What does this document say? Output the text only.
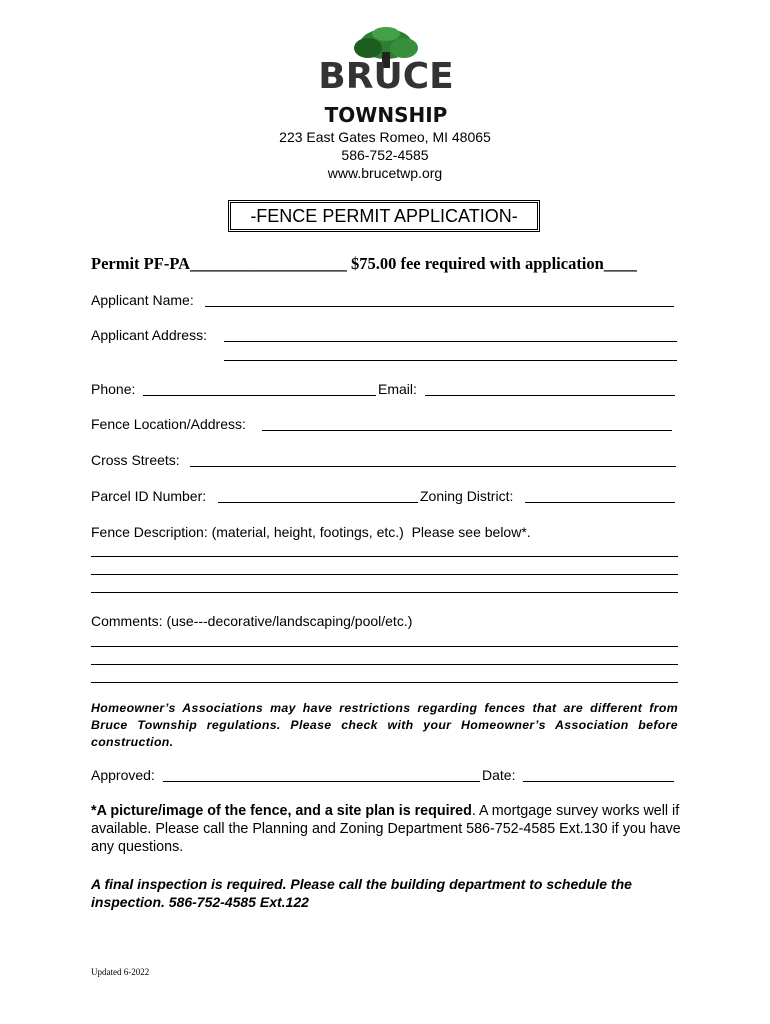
BRUCE
TOWNSHIP
223 East Gates Romeo, MI 48065
586-752-4585
www.brucetwp.org
-FENCE PERMIT APPLICATION-
Permit PF-PA___________________ $75.00 fee required with application____
Applicant Name:
Applicant Address:
Phone:	Email:
Fence Location/Address:
Cross Streets:
Parcel ID Number:	Zoning District:
Fence Description: (material, height, footings, etc.)  Please see below*.
Comments: (use---decorative/landscaping/pool/etc.)
Homeowner’s Associations may have restrictions regarding fences that are different from Bruce Township regulations. Please check with your Homeowner’s Association before construction.
Approved:	Date:
*A picture/image of the fence, and a site plan is required. A mortgage survey works well if available. Please call the Planning and Zoning Department 586-752-4585 Ext.130 if you have any questions.
A final inspection is required. Please call the building department to schedule the inspection. 586-752-4585 Ext.122
Updated 6-2022
